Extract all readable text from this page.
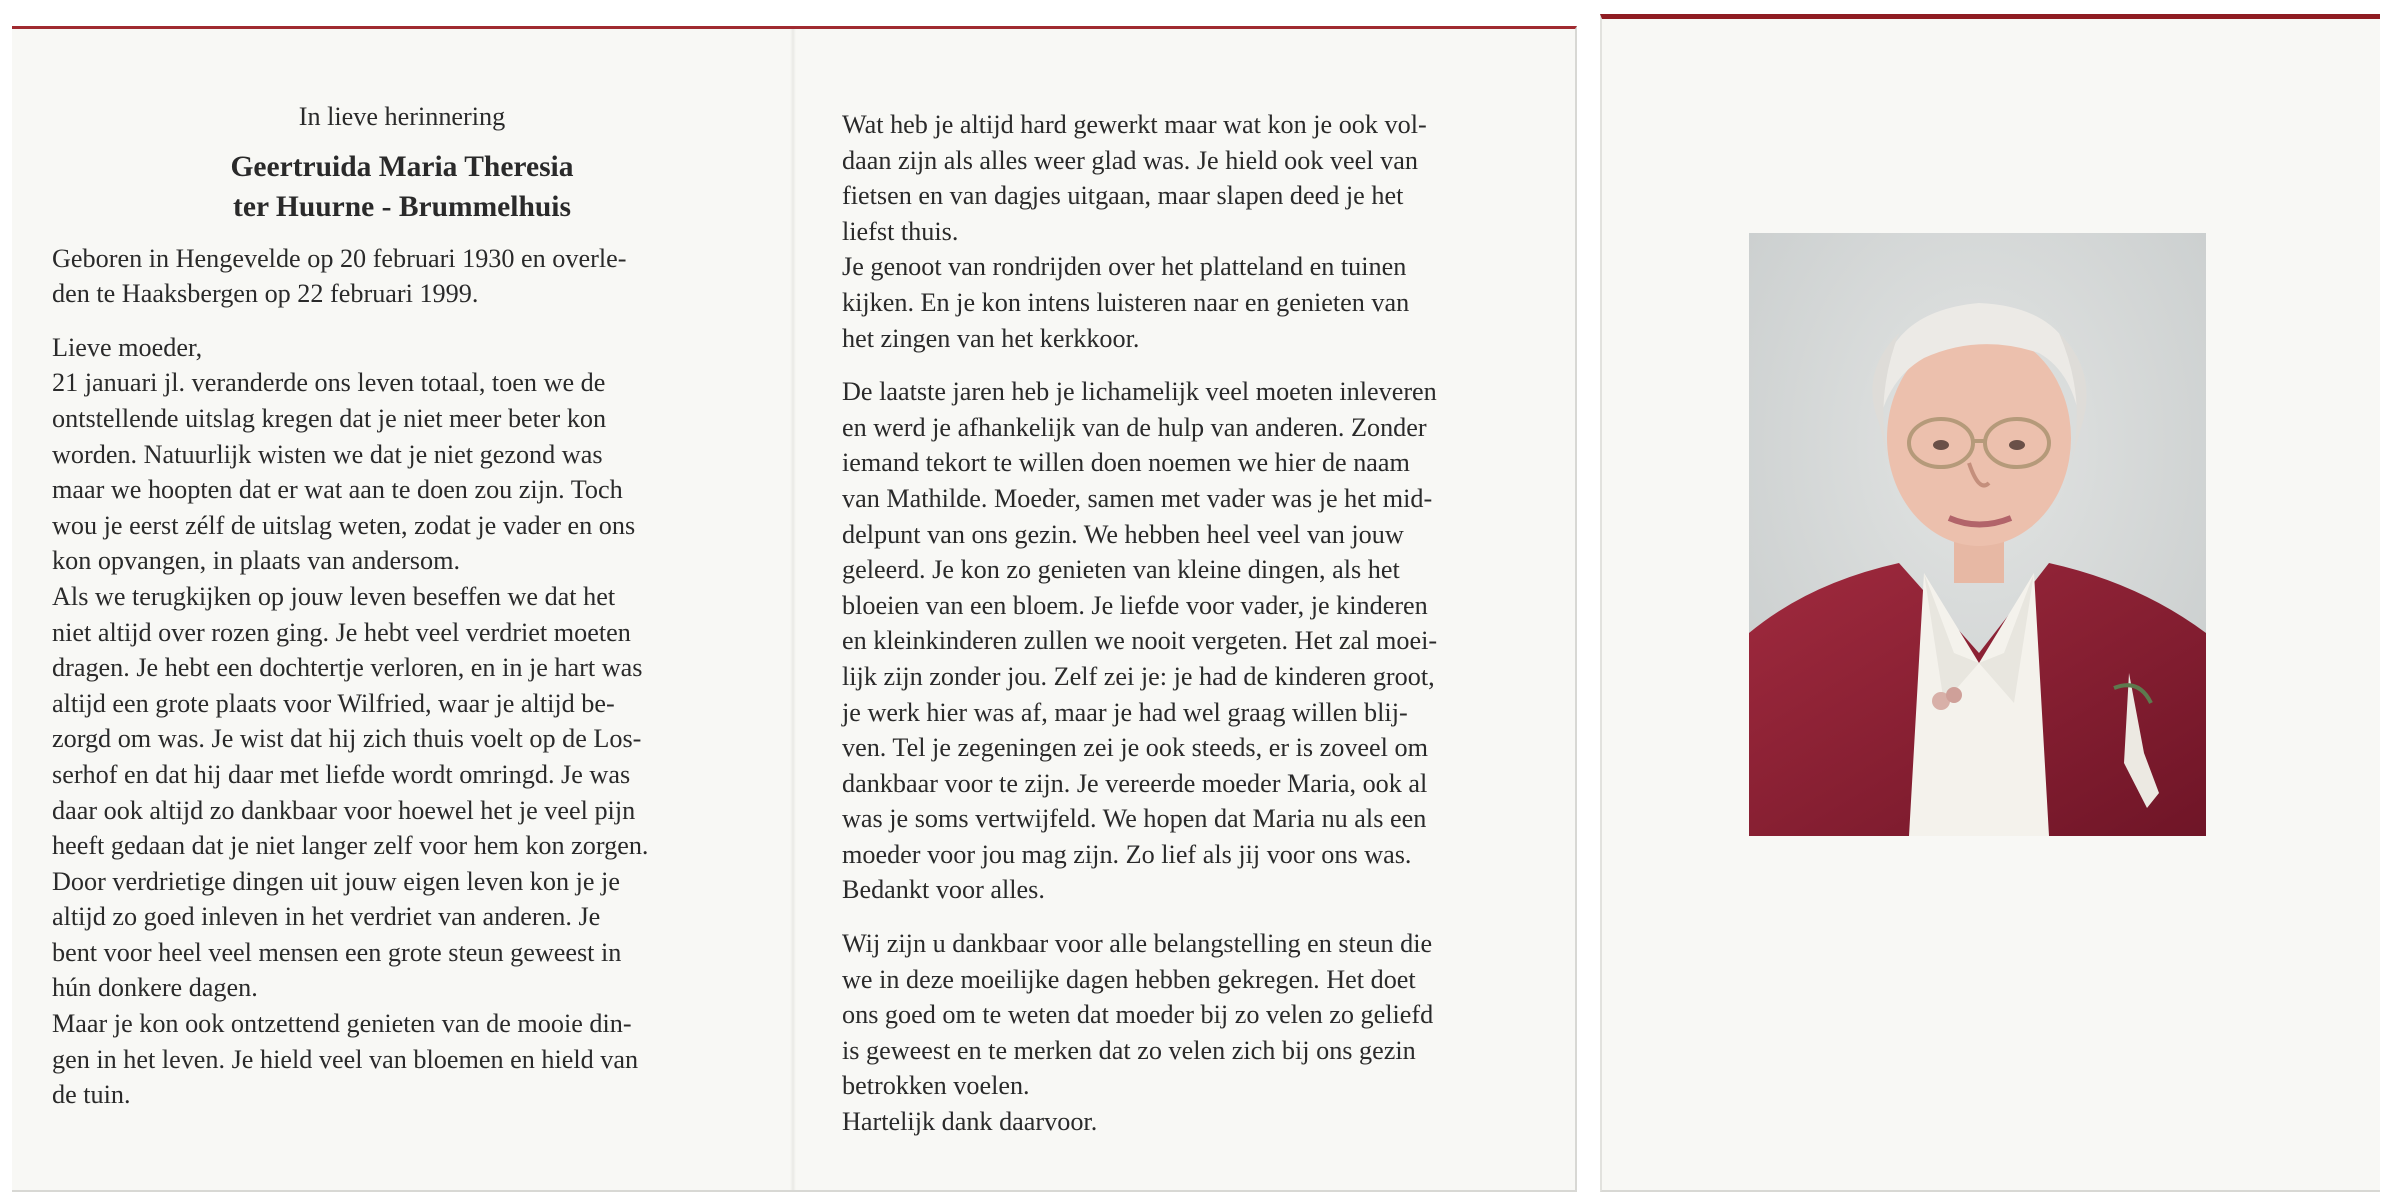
In lieve herinnering
Geertruida Maria Theresia
ter Huurne - Brummelhuis
Geboren in Hengevelde op 20 februari 1930 en overle-
den te Haaksbergen op 22 februari 1999.
Lieve moeder,
21 januari jl. veranderde ons leven totaal, toen we de
ontstellende uitslag kregen dat je niet meer beter kon
worden. Natuurlijk wisten we dat je niet gezond was
maar we hoopten dat er wat aan te doen zou zijn. Toch
wou je eerst zélf de uitslag weten, zodat je vader en ons
kon opvangen, in plaats van andersom.
Als we terugkijken op jouw leven beseffen we dat het
niet altijd over rozen ging. Je hebt veel verdriet moeten
dragen. Je hebt een dochtertje verloren, en in je hart was
altijd een grote plaats voor Wilfried, waar je altijd be-
zorgd om was. Je wist dat hij zich thuis voelt op de Los-
serhof en dat hij daar met liefde wordt omringd. Je was
daar ook altijd zo dankbaar voor hoewel het je veel pijn
heeft gedaan dat je niet langer zelf voor hem kon zorgen.
Door verdrietige dingen uit jouw eigen leven kon je je
altijd zo goed inleven in het verdriet van anderen. Je
bent voor heel veel mensen een grote steun geweest in
hún donkere dagen.
Maar je kon ook ontzettend genieten van de mooie din-
gen in het leven. Je hield veel van bloemen en hield van
de tuin.
Wat heb je altijd hard gewerkt maar wat kon je ook vol-
daan zijn als alles weer glad was. Je hield ook veel van
fietsen en van dagjes uitgaan, maar slapen deed je het
liefst thuis.
Je genoot van rondrijden over het platteland en tuinen
kijken. En je kon intens luisteren naar en genieten van
het zingen van het kerkkoor.
De laatste jaren heb je lichamelijk veel moeten inleveren
en werd je afhankelijk van de hulp van anderen. Zonder
iemand tekort te willen doen noemen we hier de naam
van Mathilde. Moeder, samen met vader was je het mid-
delpunt van ons gezin. We hebben heel veel van jouw
geleerd. Je kon zo genieten van kleine dingen, als het
bloeien van een bloem. Je liefde voor vader, je kinderen
en kleinkinderen zullen we nooit vergeten. Het zal moei-
lijk zijn zonder jou. Zelf zei je: je had de kinderen groot,
je werk hier was af, maar je had wel graag willen blij-
ven. Tel je zegeningen zei je ook steeds, er is zoveel om
dankbaar voor te zijn. Je vereerde moeder Maria, ook al
was je soms vertwijfeld. We hopen dat Maria nu als een
moeder voor jou mag zijn. Zo lief als jij voor ons was.
Bedankt voor alles.
Wij zijn u dankbaar voor alle belangstelling en steun die
we in deze moeilijke dagen hebben gekregen. Het doet
ons goed om te weten dat moeder bij zo velen zo geliefd
is geweest en te merken dat zo velen zich bij ons gezin
betrokken voelen.
Hartelijk dank daarvoor.
